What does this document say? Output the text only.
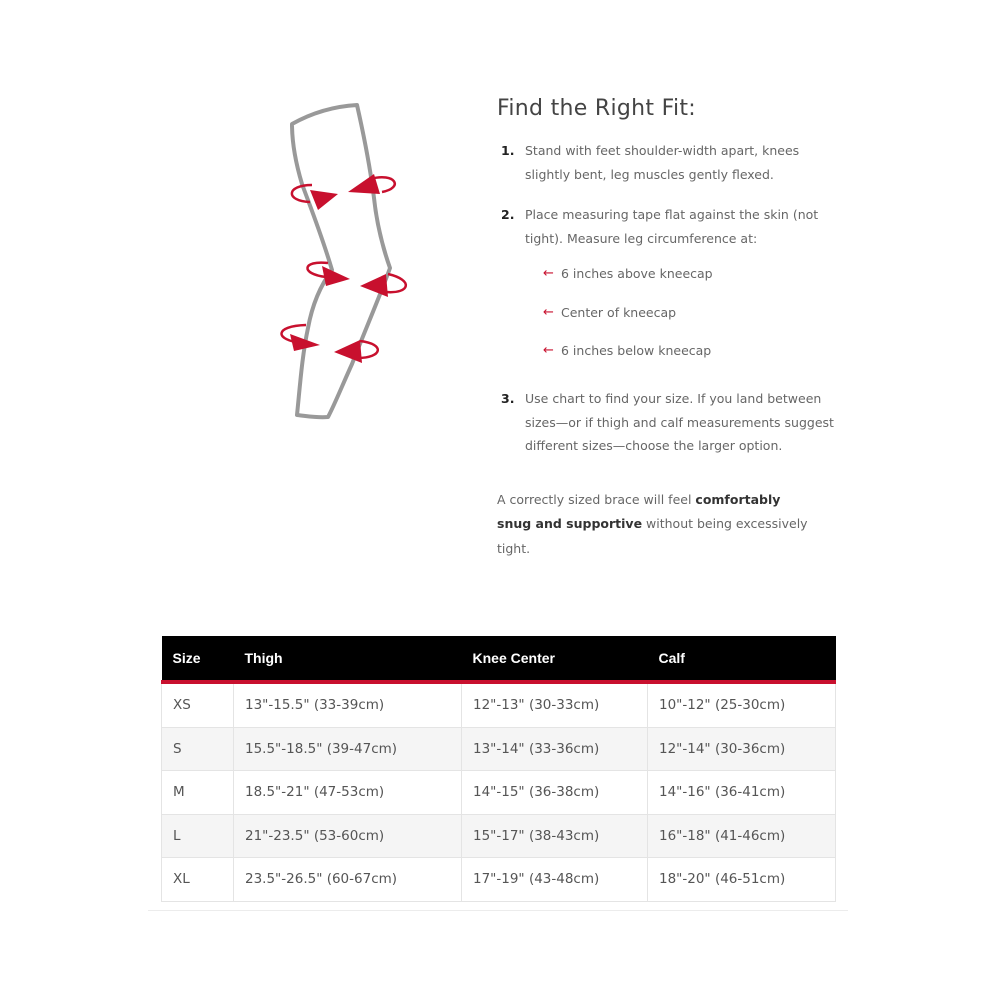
Find the Right Fit:
1. Stand with feet shoulder-width apart, knees slightly bent, leg muscles gently flexed.
2. Place measuring tape flat against the skin (not tight). Measure leg circumference at:
← 6 inches above kneecap
← Center of kneecap
← 6 inches below kneecap
3. Use chart to find your size. If you land between sizes—or if thigh and calf measurements suggest different sizes—choose the larger option.

A correctly sized brace will feel comfortably snug and supportive without being excessively tight.

Size	Thigh	Knee Center	Calf
XS	13"-15.5" (33-39cm)	12"-13" (30-33cm)	10"-12" (25-30cm)
S	15.5"-18.5" (39-47cm)	13"-14" (33-36cm)	12"-14" (30-36cm)
M	18.5"-21" (47-53cm)	14"-15" (36-38cm)	14"-16" (36-41cm)
L	21"-23.5" (53-60cm)	15"-17" (38-43cm)	16"-18" (41-46cm)
XL	23.5"-26.5" (60-67cm)	17"-19" (43-48cm)	18"-20" (46-51cm)
